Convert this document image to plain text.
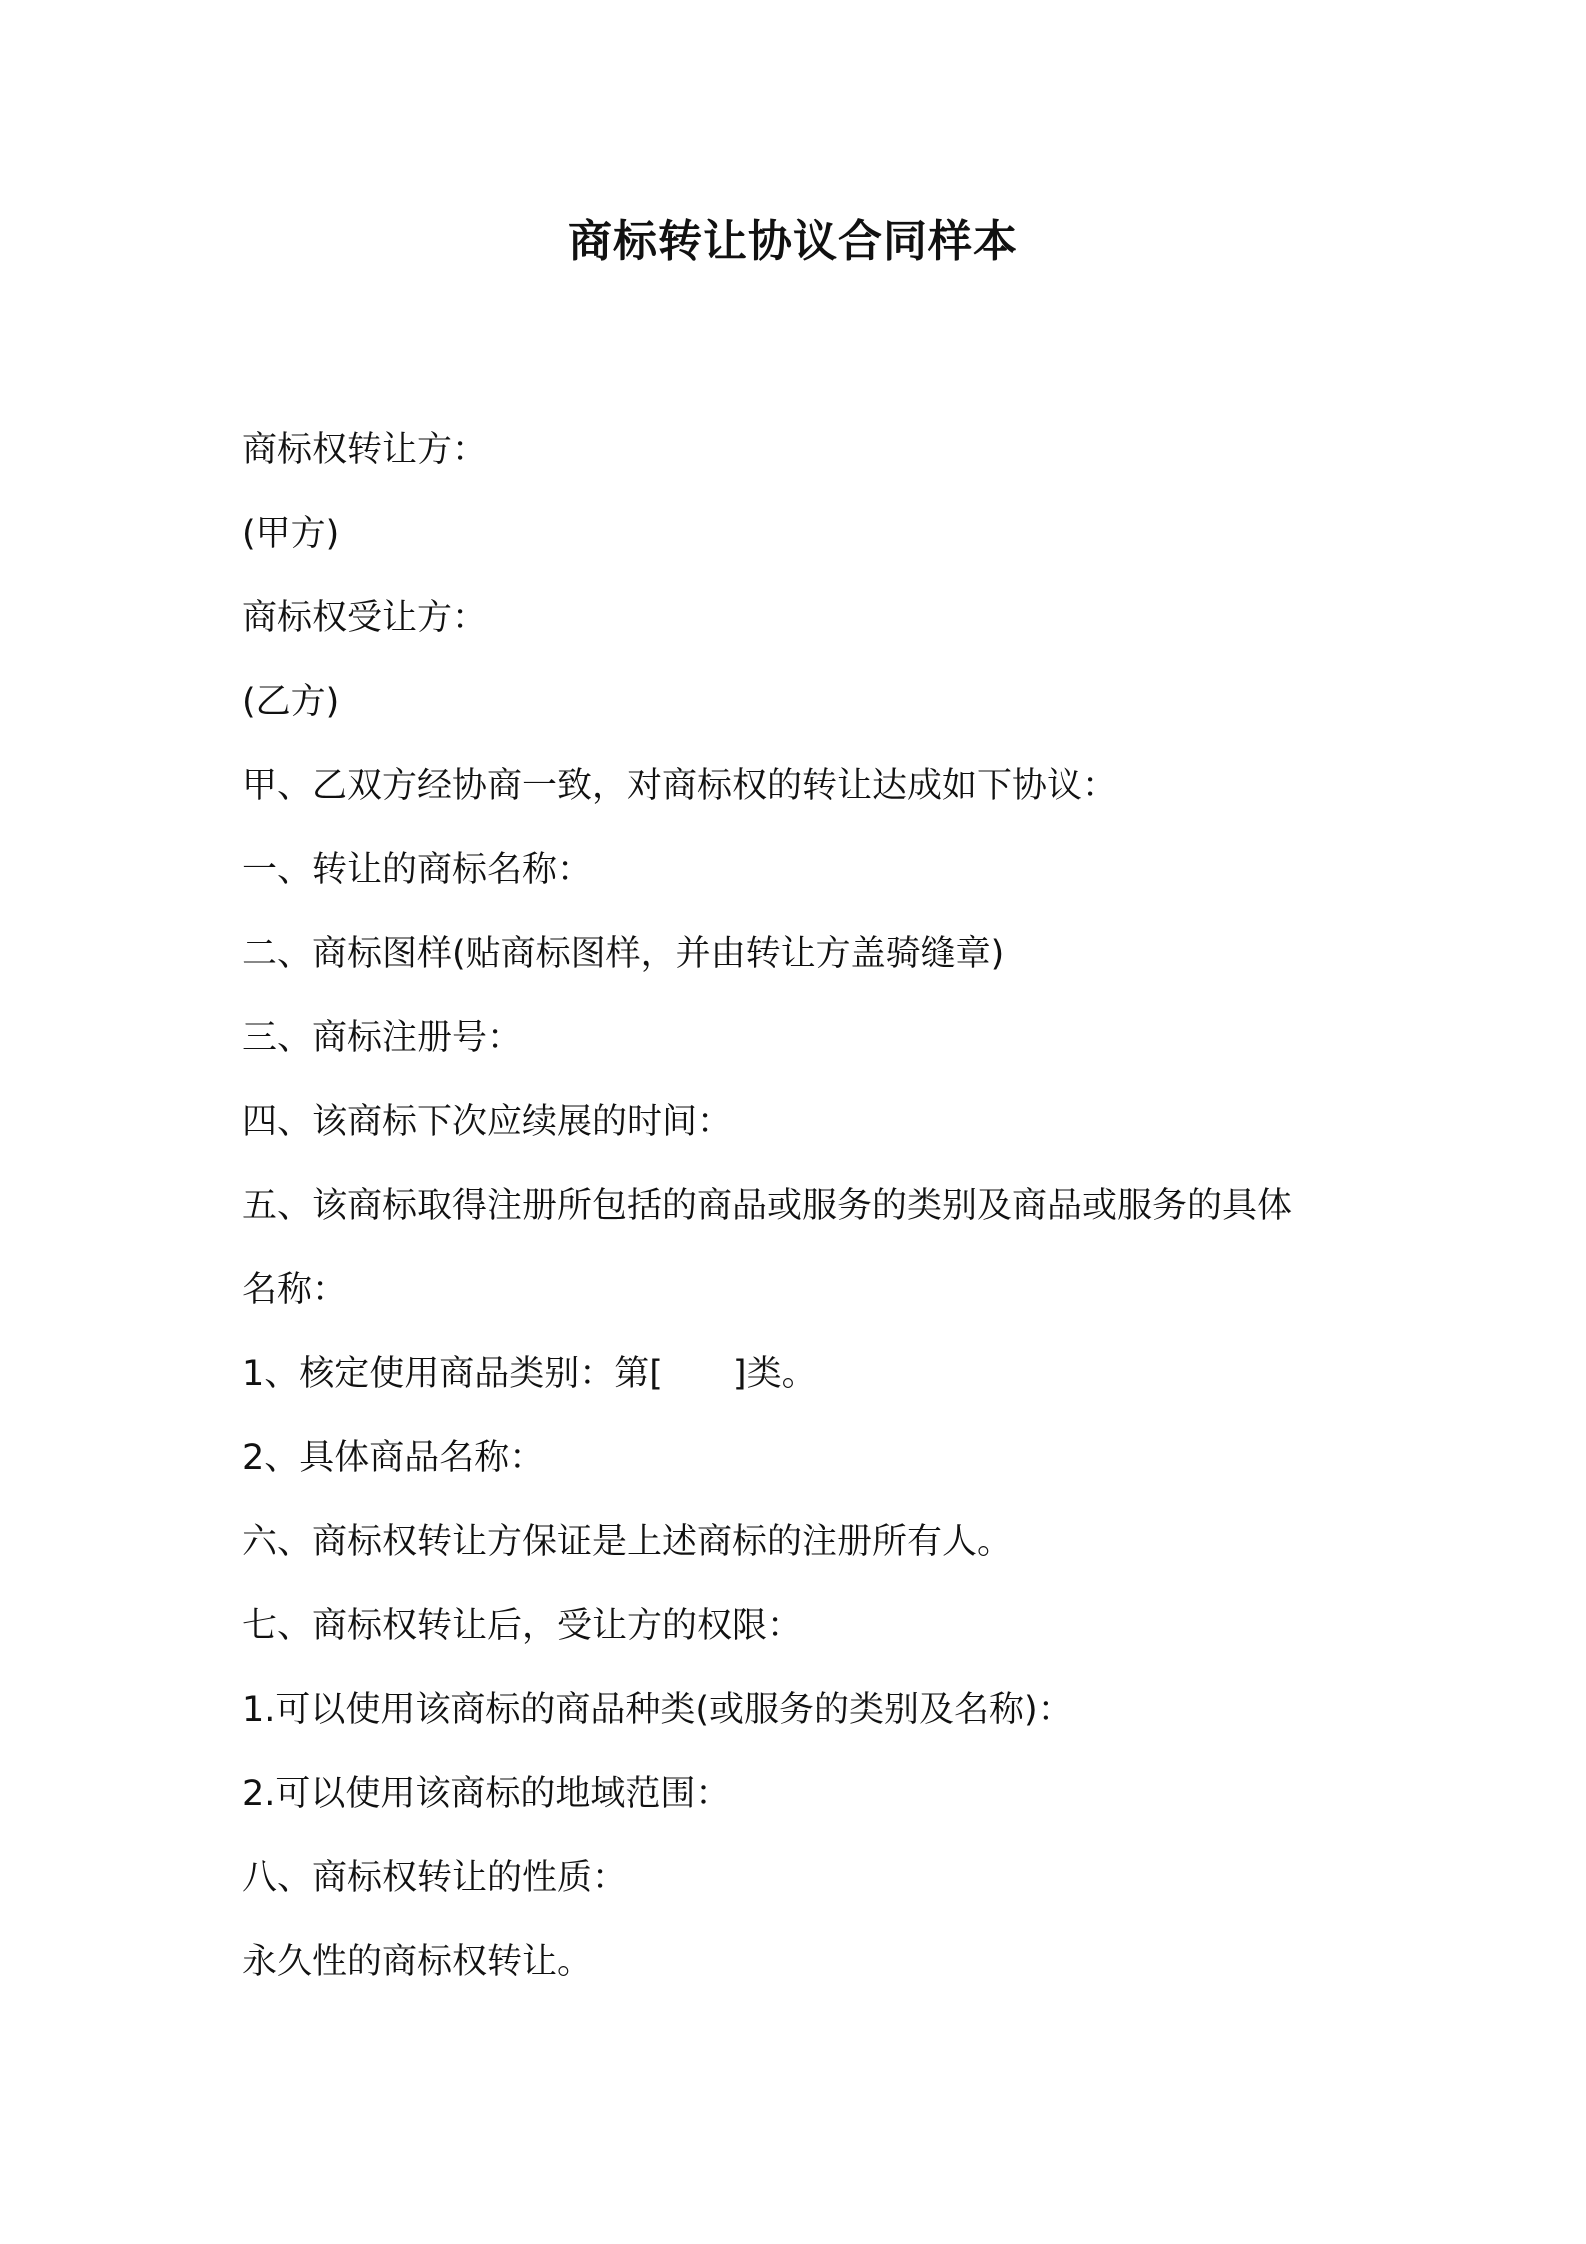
商标转让协议合同样本

商标权转让方：

(甲方)

商标权受让方：

(乙方)

甲、乙双方经协商一致，对商标权的转让达成如下协议：

一、转让的商标名称：

二、商标图样(贴商标图样，并由转让方盖骑缝章)

三、商标注册号：

四、该商标下次应续展的时间：

五、该商标取得注册所包括的商品或服务的类别及商品或服务的具体

名称：

1、核定使用商品类别：第[　　]类。

2、具体商品名称：

六、商标权转让方保证是上述商标的注册所有人。

七、商标权转让后，受让方的权限：

1.可以使用该商标的商品种类(或服务的类别及名称)：

2.可以使用该商标的地域范围：

八、商标权转让的性质：

永久性的商标权转让。
